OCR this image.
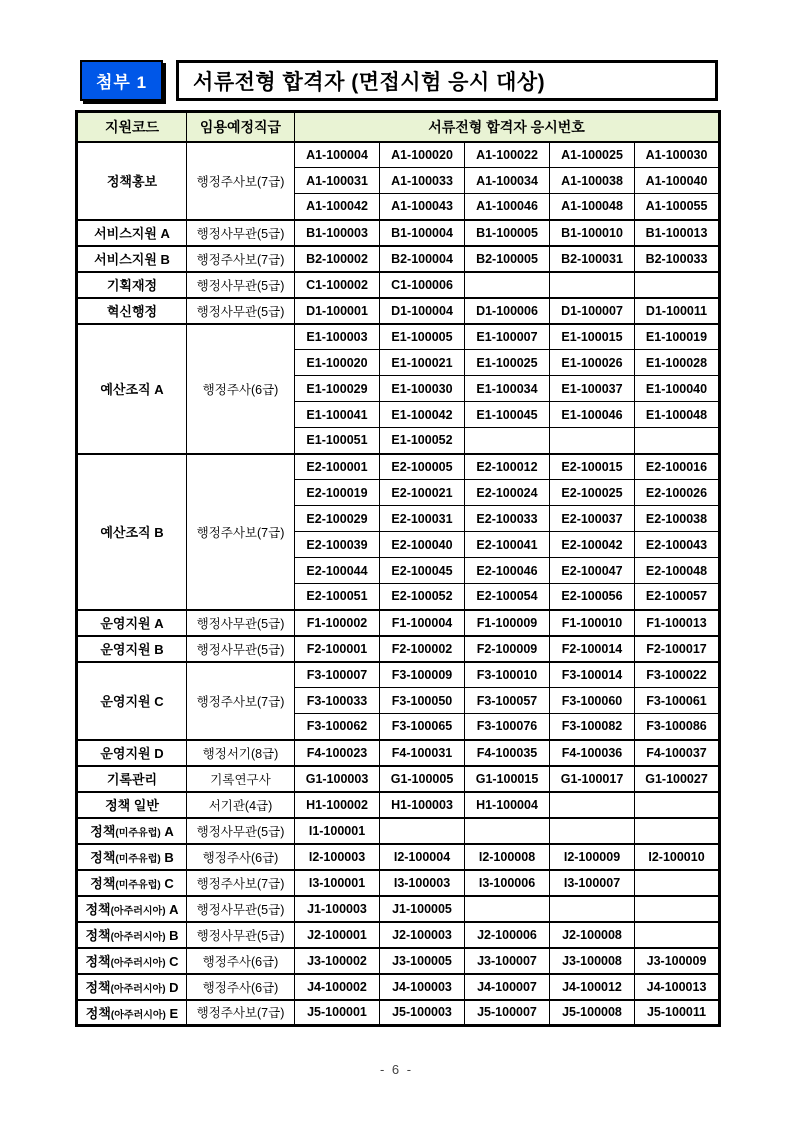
첨부 1	서류전형 합격자 (면접시험 응시 대상)
지원코드	임용예정직급	서류전형 합격자 응시번호				
정책홍보	행정주사보(7급)	A1-100004	A1-100020	A1-100022	A1-100025	A1-100030
		A1-100031	A1-100033	A1-100034	A1-100038	A1-100040
		A1-100042	A1-100043	A1-100046	A1-100048	A1-100055
서비스지원 A	행정사무관(5급)	B1-100003	B1-100004	B1-100005	B1-100010	B1-100013
서비스지원 B	행정주사보(7급)	B2-100002	B2-100004	B2-100005	B2-100031	B2-100033
기획재정	행정사무관(5급)	C1-100002	C1-100006			
혁신행정	행정사무관(5급)	D1-100001	D1-100004	D1-100006	D1-100007	D1-100011
예산조직 A	행정주사(6급)	E1-100003	E1-100005	E1-100007	E1-100015	E1-100019
		E1-100020	E1-100021	E1-100025	E1-100026	E1-100028
		E1-100029	E1-100030	E1-100034	E1-100037	E1-100040
		E1-100041	E1-100042	E1-100045	E1-100046	E1-100048
		E1-100051	E1-100052			
예산조직 B	행정주사보(7급)	E2-100001	E2-100005	E2-100012	E2-100015	E2-100016
		E2-100019	E2-100021	E2-100024	E2-100025	E2-100026
		E2-100029	E2-100031	E2-100033	E2-100037	E2-100038
		E2-100039	E2-100040	E2-100041	E2-100042	E2-100043
		E2-100044	E2-100045	E2-100046	E2-100047	E2-100048
		E2-100051	E2-100052	E2-100054	E2-100056	E2-100057
운영지원 A	행정사무관(5급)	F1-100002	F1-100004	F1-100009	F1-100010	F1-100013
운영지원 B	행정사무관(5급)	F2-100001	F2-100002	F2-100009	F2-100014	F2-100017
운영지원 C	행정주사보(7급)	F3-100007	F3-100009	F3-100010	F3-100014	F3-100022
		F3-100033	F3-100050	F3-100057	F3-100060	F3-100061
		F3-100062	F3-100065	F3-100076	F3-100082	F3-100086
운영지원 D	행정서기(8급)	F4-100023	F4-100031	F4-100035	F4-100036	F4-100037
기록관리	기록연구사	G1-100003	G1-100005	G1-100015	G1-100017	G1-100027
정책 일반	서기관(4급)	H1-100002	H1-100003	H1-100004		
정책(미주유럽) A	행정사무관(5급)	I1-100001				
정책(미주유럽) B	행정주사(6급)	I2-100003	I2-100004	I2-100008	I2-100009	I2-100010
정책(미주유럽) C	행정주사보(7급)	I3-100001	I3-100003	I3-100006	I3-100007	
정책(아주러시아) A	행정사무관(5급)	J1-100003	J1-100005			
정책(아주러시아) B	행정사무관(5급)	J2-100001	J2-100003	J2-100006	J2-100008	
정책(아주러시아) C	행정주사(6급)	J3-100002	J3-100005	J3-100007	J3-100008	J3-100009
정책(아주러시아) D	행정주사(6급)	J4-100002	J4-100003	J4-100007	J4-100012	J4-100013
정책(아주러시아) E	행정주사보(7급)	J5-100001	J5-100003	J5-100007	J5-100008	J5-100011
- 6 -
